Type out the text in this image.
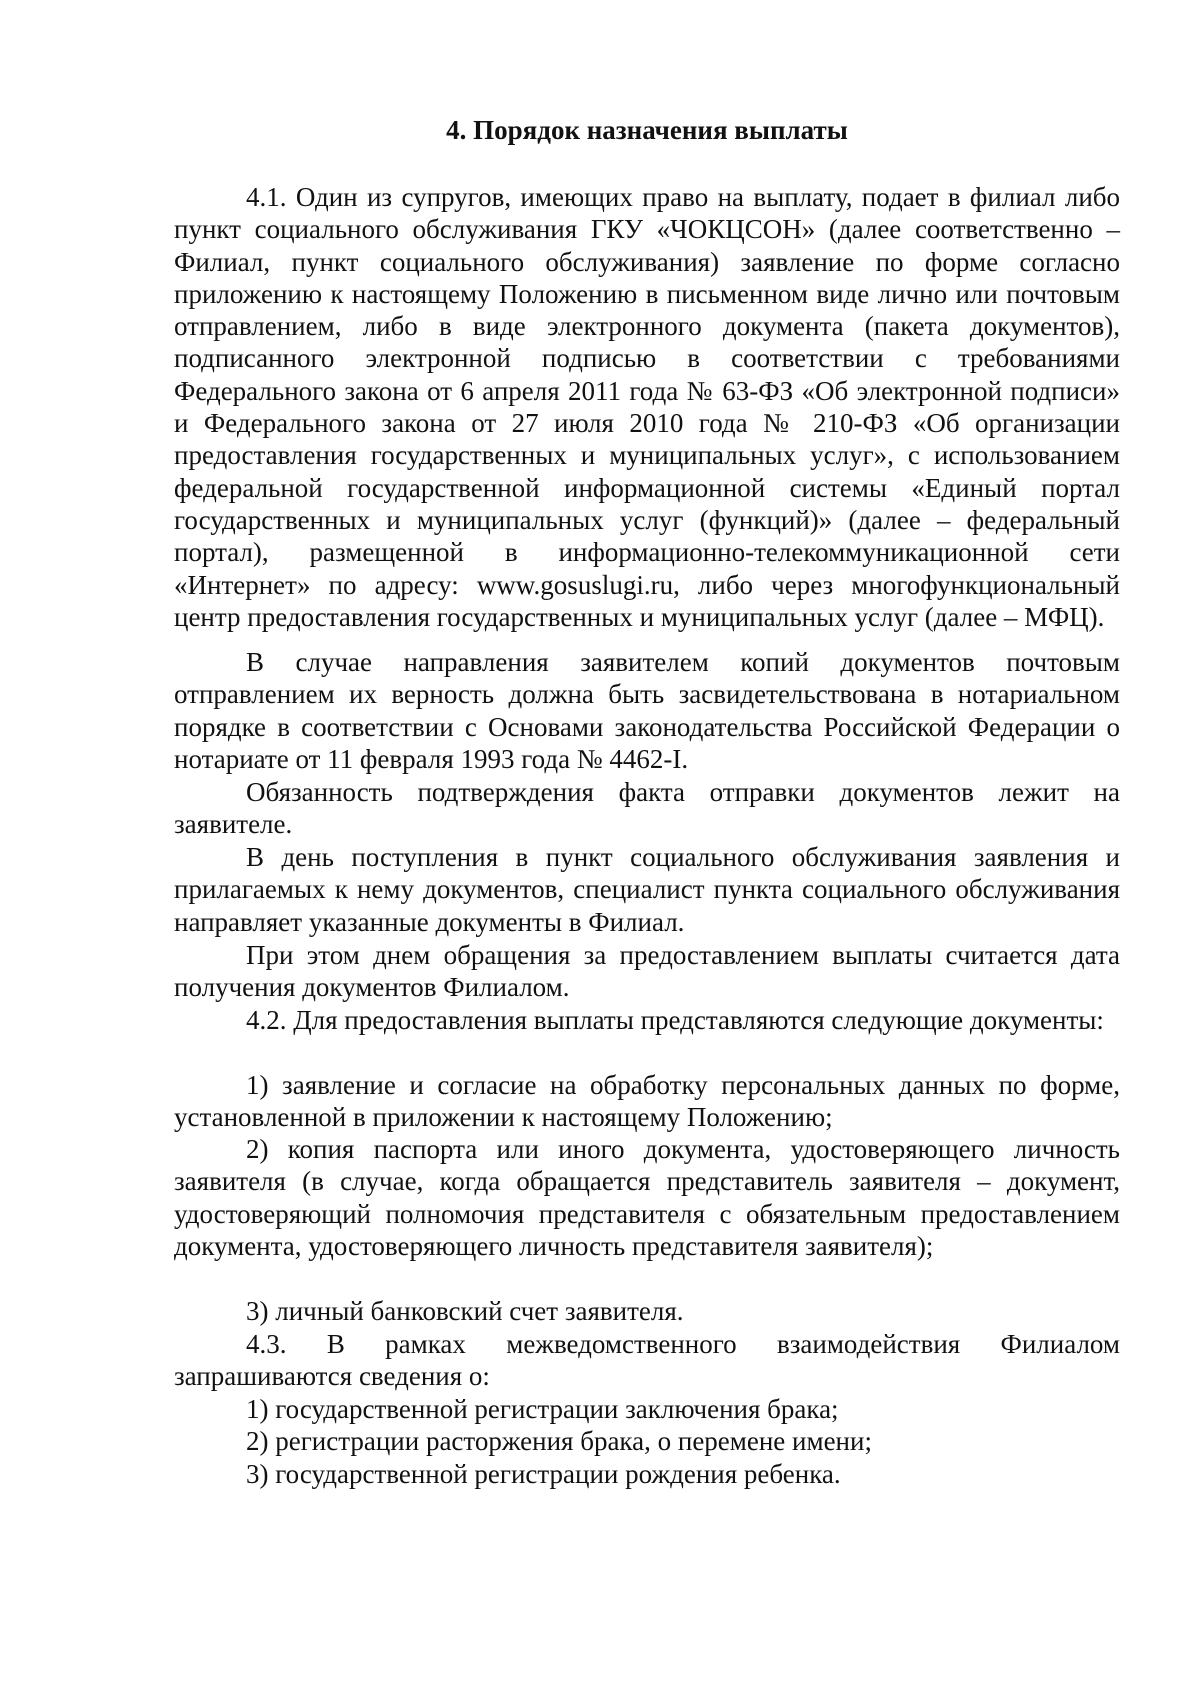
4. Порядок назначения выплаты

4.1. Один из супругов, имеющих право на выплату, подает в филиал либо пункт социального обслуживания ГКУ «ЧОКЦСОН» (далее соответственно – Филиал, пункт социального обслуживания) заявление по форме согласно приложению к настоящему Положению в письменном виде лично или почтовым отправлением, либо в виде электронного документа (пакета документов), подписанного электронной подписью в соответствии с требованиями Федерального закона от 6 апреля 2011 года № 63-ФЗ «Об электронной подписи» и Федерального закона от 27 июля 2010 года № 210-ФЗ «Об организации предоставления государственных и муниципальных услуг», с использованием федеральной государственной информационной системы «Единый портал государственных и муниципальных услуг (функций)» (далее – федеральный портал), размещенной в информационно-телекоммуникационной сети «Интернет» по адресу: www.gosuslugi.ru, либо через многофункциональный центр предоставления государственных и муниципальных услуг (далее – МФЦ).

В случае направления заявителем копий документов почтовым отправлением их верность должна быть засвидетельствована в нотариальном порядке в соответствии с Основами законодательства Российской Федерации о нотариате от 11 февраля 1993 года № 4462-I.

Обязанность подтверждения факта отправки документов лежит на заявителе.

В день поступления в пункт социального обслуживания заявления и прилагаемых к нему документов, специалист пункта социального обслуживания направляет указанные документы в Филиал.

При этом днем обращения за предоставлением выплаты считается дата получения документов Филиалом.

4.2. Для предоставления выплаты представляются следующие документы:

1) заявление и согласие на обработку персональных данных по форме, установленной в приложении к настоящему Положению;

2) копия паспорта или иного документа, удостоверяющего личность заявителя (в случае, когда обращается представитель заявителя – документ, удостоверяющий полномочия представителя с обязательным предоставлением документа, удостоверяющего личность представителя заявителя);

3) личный банковский счет заявителя.

4.3. В рамках межведомственного взаимодействия Филиалом запрашиваются сведения о:

1) государственной регистрации заключения брака;

2) регистрации расторжения брака, о перемене имени;

3) государственной регистрации рождения ребенка.
